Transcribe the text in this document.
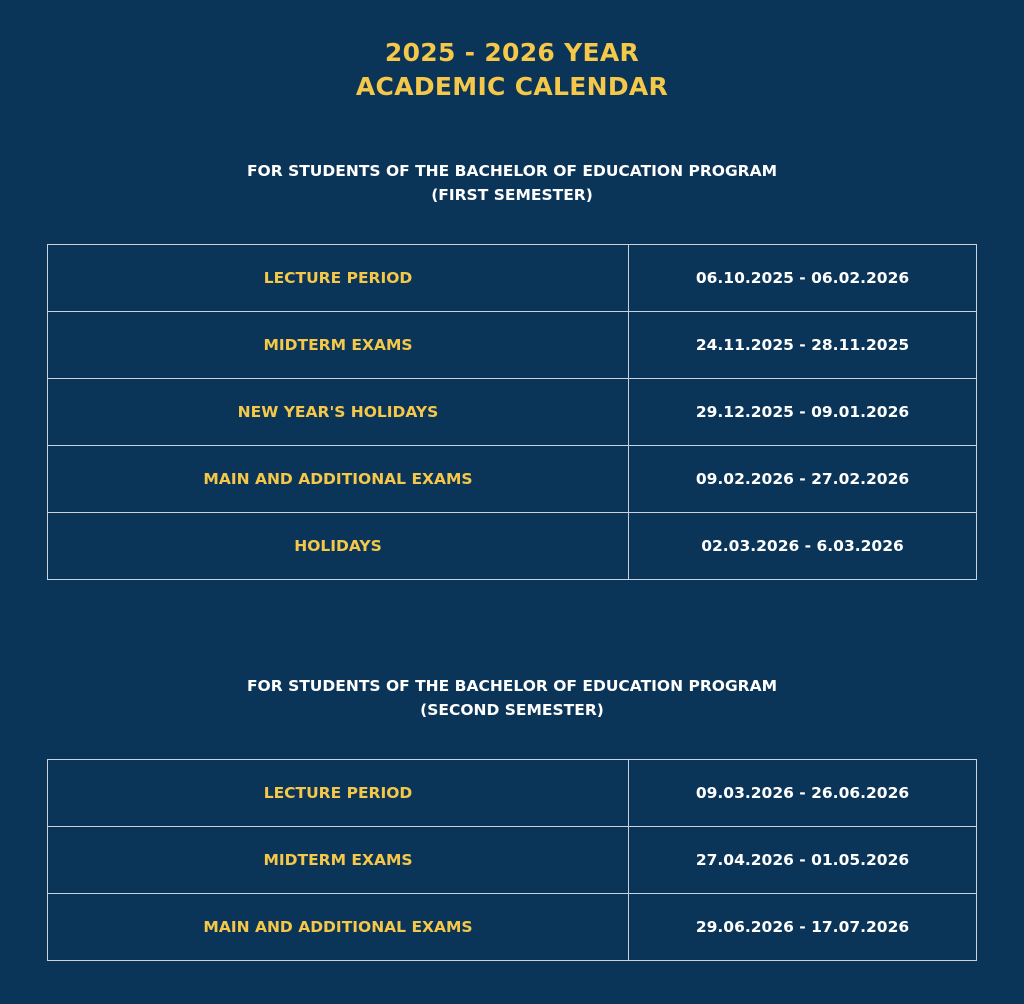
2025 - 2026 YEAR
ACADEMIC CALENDAR
FOR STUDENTS OF THE BACHELOR OF EDUCATION PROGRAM
(FIRST SEMESTER)
LECTURE PERIOD	06.10.2025 - 06.02.2026
MIDTERM EXAMS	24.11.2025 - 28.11.2025
NEW YEAR'S HOLIDAYS	29.12.2025 - 09.01.2026
MAIN AND ADDITIONAL EXAMS	09.02.2026 - 27.02.2026
HOLIDAYS	02.03.2026 - 6.03.2026
FOR STUDENTS OF THE BACHELOR OF EDUCATION PROGRAM
(SECOND SEMESTER)
LECTURE PERIOD	09.03.2026 - 26.06.2026
MIDTERM EXAMS	27.04.2026 - 01.05.2026
MAIN AND ADDITIONAL EXAMS	29.06.2026 - 17.07.2026
